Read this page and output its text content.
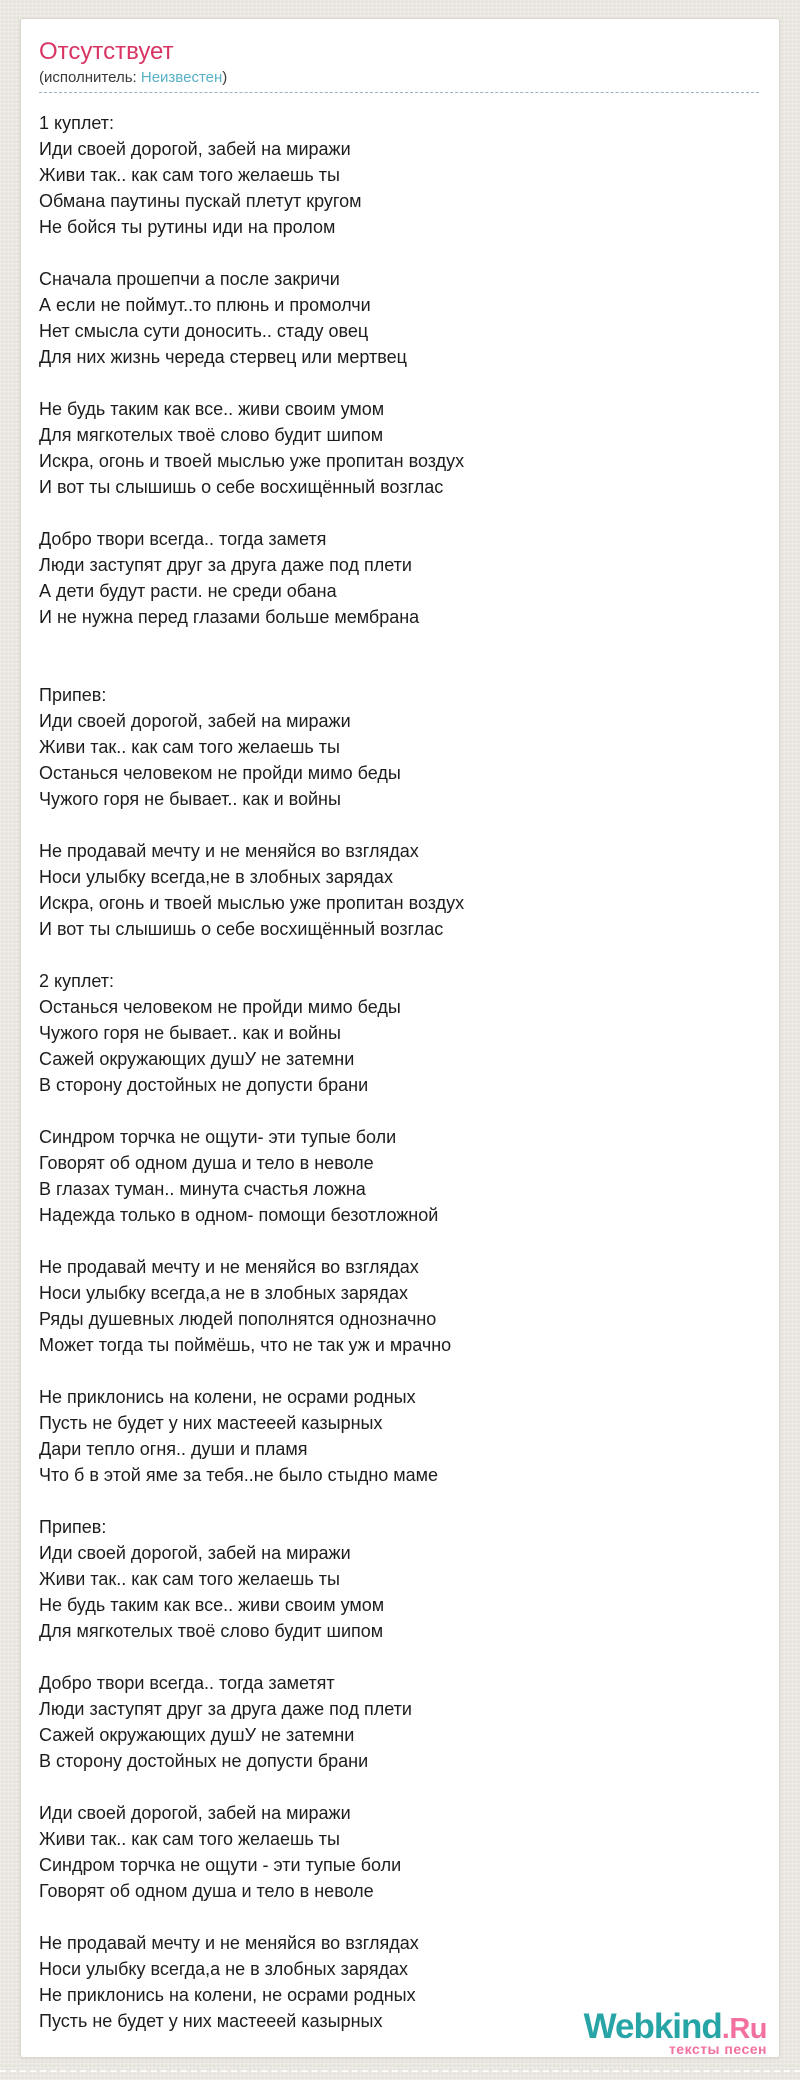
Отсутствует
(исполнитель: Неизвестен)

1 куплет:
Иди своей дорогой, забей на миражи
Живи так.. как сам того желаешь ты
Обмана паутины пускай плетут кругом
Не бойся ты рутины иди на пролом

Сначала прошепчи а после закричи
А если не поймут..то плюнь и промолчи
Нет смысла сути доносить.. стаду овец
Для них жизнь череда стервец или мертвец

Не будь таким как все.. живи своим умом
Для мягкотелых твоё слово будит шипом
Искра, огонь и твоей мыслью уже пропитан воздух
И вот ты слышишь о себе восхищённый возглас

Добро твори всегда.. тогда заметя
Люди заступят друг за друга даже под плети
А дети будут расти. не среди обана
И не нужна перед глазами больше мембрана

Припев:
Иди своей дорогой, забей на миражи
Живи так.. как сам того желаешь ты
Останься человеком не пройди мимо беды
Чужого горя не бывает.. как и войны

Не продавай мечту и не меняйся во взглядах
Носи улыбку всегда,не в злобных зарядах
Искра, огонь и твоей мыслью уже пропитан воздух
И вот ты слышишь о себе восхищённый возглас

2 куплет:
Останься человеком не пройди мимо беды
Чужого горя не бывает.. как и войны
Сажей окружающих душУ не затемни
В сторону достойных не допусти брани

Синдром торчка не ощути- эти тупые боли
Говорят об одном душа и тело в неволе
В глазах туман.. минута счастья ложна
Надежда только в одном- помощи безотложной

Не продавай мечту и не меняйся во взглядах
Носи улыбку всегда,а не в злобных зарядах
Ряды душевных людей пополнятся однозначно
Может тогда ты поймёшь, что не так уж и мрачно

Не приклонись на колени, не осрами родных
Пусть не будет у них мастееей казырных
Дари тепло огня.. души и пламя
Что б в этой яме за тебя..не было стыдно маме

Припев:
Иди своей дорогой, забей на миражи
Живи так.. как сам того желаешь ты
Не будь таким как все.. живи своим умом
Для мягкотелых твоё слово будит шипом

Добро твори всегда.. тогда заметят
Люди заступят друг за друга даже под плети
Сажей окружающих душУ не затемни
В сторону достойных не допусти брани

Иди своей дорогой, забей на миражи
Живи так.. как сам того желаешь ты
Синдром торчка не ощути - эти тупые боли
Говорят об одном душа и тело в неволе

Не продавай мечту и не меняйся во взглядах
Носи улыбку всегда,а не в злобных зарядах
Не приклонись на колени, не осрами родных
Пусть не будет у них мастееей казырных	Webkind.Ru
тексты песен
